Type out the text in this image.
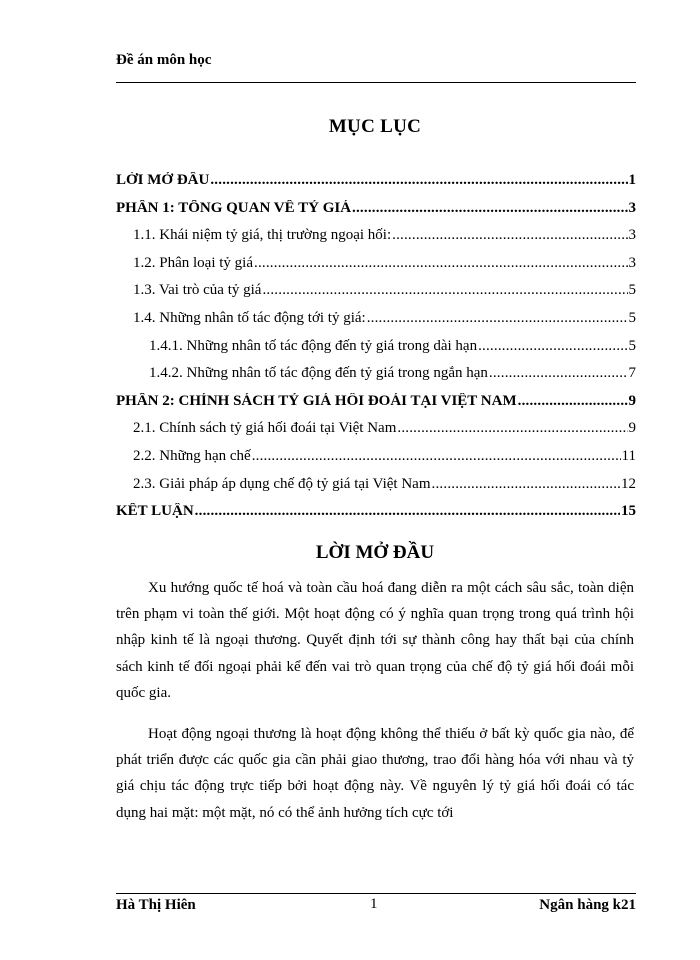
Đề án môn học
MỤC LỤC
LỜI MỞ ĐẦU .....	1
PHẦN 1: TỔNG QUAN VỀ TỶ GIÁ .....	3
1.1. Khái niệm tỷ giá, thị trường ngoại hối: .....	3
1.2. Phân loại tỷ giá .....	3
1.3. Vai trò của tỷ giá .....	5
1.4. Những nhân tố tác động tới tỷ giá: .....	5
1.4.1. Những nhân tố tác động đến tỷ giá trong dài hạn .....	5
1.4.2. Những nhân tố tác động đến tỷ giá trong ngắn hạn .....	7
PHẦN 2: CHÍNH SÁCH TỶ GIÁ HỐI ĐOÁI TẠI VIỆT NAM .....	9
2.1. Chính sách tỷ giá hối đoái tại Việt Nam .....	9
2.2. Những hạn chế .....	11
2.3. Giải pháp áp dụng chế độ tỷ giá tại Việt Nam .....	12
KẾT LUẬN .....	15
LỜI MỞ ĐẦU

Xu hướng quốc tế hoá và toàn cầu hoá đang diễn ra một cách sâu sắc, toàn diện trên phạm vi toàn thế giới. Một hoạt động có ý nghĩa quan trọng trong quá trình hội nhập kinh tế là ngoại thương. Quyết định tới sự thành công hay thất bại của chính sách kinh tế đối ngoại phải kể đến vai trò quan trọng của chế độ tỷ giá hối đoái mỗi quốc gia.

Hoạt động ngoại thương là hoạt động không thể thiếu ở bất kỳ quốc gia nào, để phát triển được các quốc gia cần phải giao thương, trao đổi hàng hóa với nhau và tỷ giá chịu tác động trực tiếp bởi hoạt động này. Về nguyên lý tỷ giá hối đoái có tác dụng hai mặt: một mặt, nó có thể ảnh hưởng tích cực tới

Hà Thị Hiên	1	Ngân hàng k21
